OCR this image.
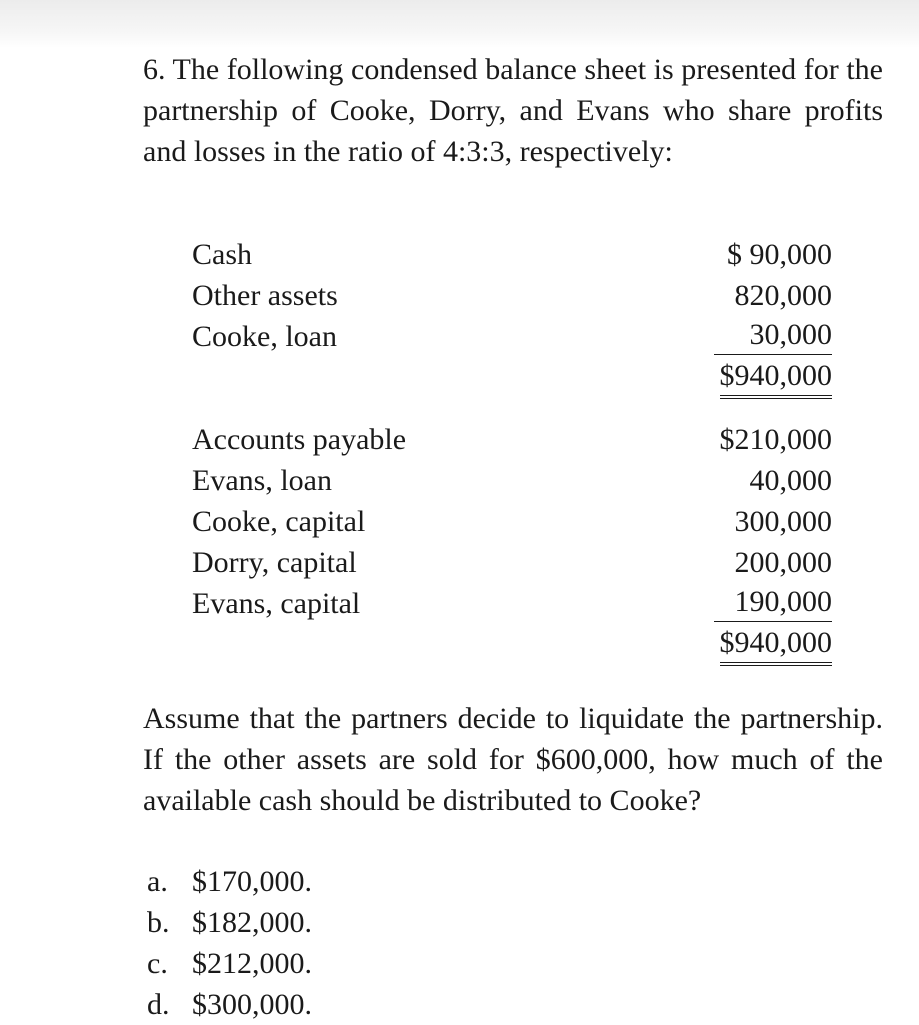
6. The following condensed balance sheet is presented for the partnership of Cooke, Dorry, and Evans who share profits and losses in the ratio of 4:3:3, respectively:

Cash	$ 90,000
Other assets	820,000
Cooke, loan	30,000
$940,000
Accounts payable	$210,000
Evans, loan	40,000
Cooke, capital	300,000
Dorry, capital	200,000
Evans, capital	190,000
$940,000

Assume that the partners decide to liquidate the partnership. If the other assets are sold for $600,000, how much of the available cash should be distributed to Cooke?

a. $170,000.
b. $182,000.
c. $212,000.
d. $300,000.
